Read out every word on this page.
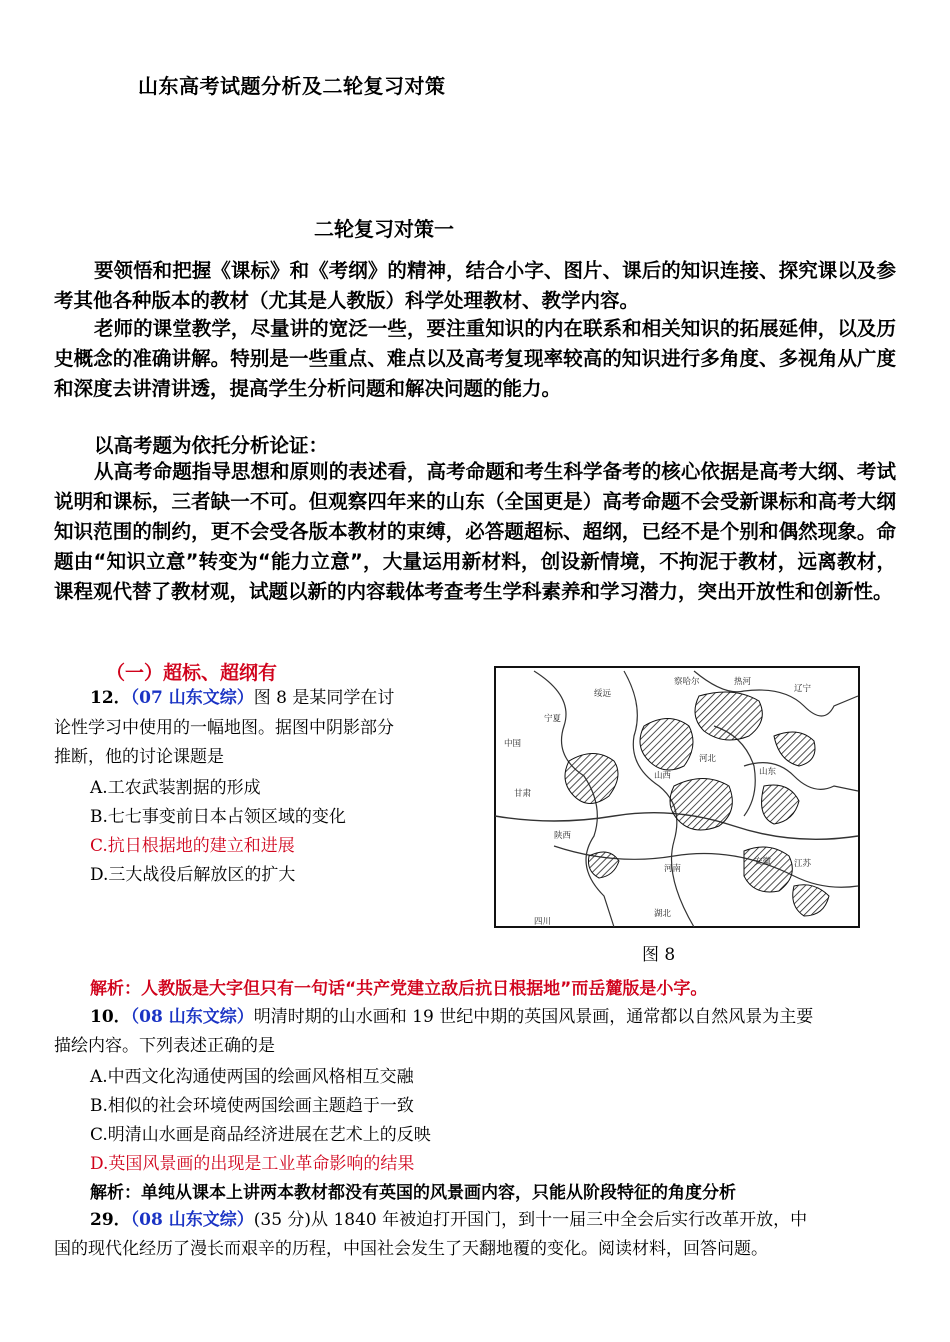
山东高考试题分析及二轮复习对策
二轮复习对策一
要领悟和把握《课标》和《考纲》的精神，结合小字、图片、课后的知识连接、探究课以及参考其他各种版本的教材（尤其是人教版）科学处理教材、教学内容。
老师的课堂教学，尽量讲的宽泛一些，要注重知识的内在联系和相关知识的拓展延伸，以及历史概念的准确讲解。特别是一些重点、难点以及高考复现率较高的知识进行多角度、多视角从广度和深度去讲清讲透，提高学生分析问题和解决问题的能力。
以高考题为依托分析论证：
从高考命题指导思想和原则的表述看，高考命题和考生科学备考的核心依据是高考大纲、考试说明和课标，三者缺一不可。但观察四年来的山东（全国更是）高考命题不会受新课标和高考大纲知识范围的制约，更不会受各版本教材的束缚，必答题超标、超纲，已经不是个别和偶然现象。命题由“知识立意”转变为“能力立意”，大量运用新材料，创设新情境，不拘泥于教材，远离教材，课程观代替了教材观，试题以新的内容载体考查考生学科素养和学习潜力，突出开放性和创新性。
（一）超标、超纲有
12．（07 山东文综）图 8 是某同学在讨
论性学习中使用的一幅地图。据图中阴影部分
推断，他的讨论课题是
A.工农武装割据的形成
B.七七事变前日本占领区域的变化
C.抗日根据地的建立和进展
D.三大战役后解放区的扩大
中国
甘肃
陕西
山西
河北
河南
山东
湖北
安徽
四川
宁夏
绥远
察哈尔	热河
辽宁
江苏
图 8
解析：人教版是大字但只有一句话“共产党建立敌后抗日根据地”而岳麓版是小字。
10．（08 山东文综）明清时期的山水画和 19 世纪中期的英国风景画，通常都以自然风景为主要
描绘内容。下列表述正确的是
A.中西文化沟通使两国的绘画风格相互交融
B.相似的社会环境使两国绘画主题趋于一致
C.明清山水画是商品经济进展在艺术上的反映
D.英国风景画的出现是工业革命影响的结果
解析：单纯从课本上讲两本教材都没有英国的风景画内容，只能从阶段特征的角度分析
29．（08 山东文综）(35 分)从 1840 年被迫打开国门，到十一届三中全会后实行改革开放，中
国的现代化经历了漫长而艰辛的历程，中国社会发生了天翻地覆的变化。阅读材料，回答问题。
